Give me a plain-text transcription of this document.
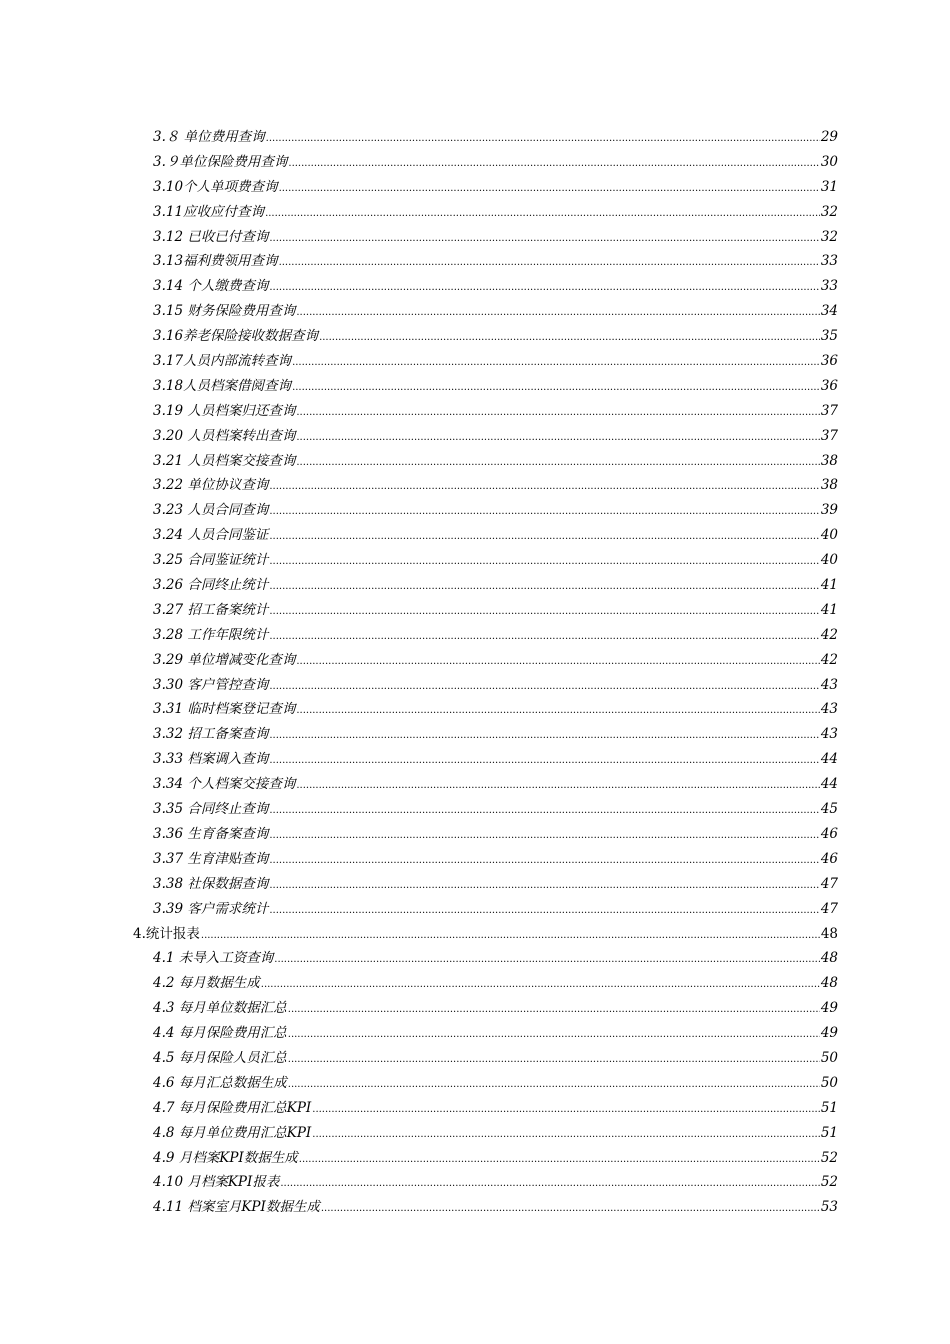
3.８ 单位费用查询 .....	29
3.９单位保险费用查询 .....	30
3.10个人单项费查询 .....	31
3.11应收应付查询 .....	32
3.12 已收已付查询 .....	32
3.13福利费领用查询 .....	33
3.14 个人缴费查询 .....	33
3.15 财务保险费用查询 .....	34
3.16养老保险接收数据查询 .....	35
3.17人员内部流转查询 .....	36
3.18人员档案借阅查询 .....	36
3.19 人员档案归还查询 .....	37
3.20 人员档案转出查询 .....	37
3.21 人员档案交接查询 .....	38
3.22 单位协议查询 .....	38
3.23 人员合同查询 .....	39
3.24 人员合同鉴证 .....	40
3.25 合同鉴证统计 .....	40
3.26 合同终止统计 .....	41
3.27 招工备案统计 .....	41
3.28 工作年限统计 .....	42
3.29 单位增减变化查询 .....	42
3.30 客户管控查询 .....	43
3.31 临时档案登记查询 .....	43
3.32 招工备案查询 .....	43
3.33 档案调入查询 .....	44
3.34 个人档案交接查询 .....	44
3.35 合同终止查询 .....	45
3.36 生育备案查询 .....	46
3.37 生育津贴查询 .....	46
3.38 社保数据查询 .....	47
3.39 客户需求统计 .....	47
4.统计报表 .....	48
4.1 未导入工资查询 .....	48
4.2 每月数据生成 .....	48
4.3 每月单位数据汇总 .....	49
4.4 每月保险费用汇总 .....	49
4.5 每月保险人员汇总 .....	50
4.6 每月汇总数据生成 .....	50
4.7 每月保险费用汇总KPI .....	51
4.8 每月单位费用汇总KPI .....	51
4.9 月档案KPI数据生成 .....	52
4.10 月档案KPI报表 .....	52
4.11 档案室月KPI数据生成 .....	53
